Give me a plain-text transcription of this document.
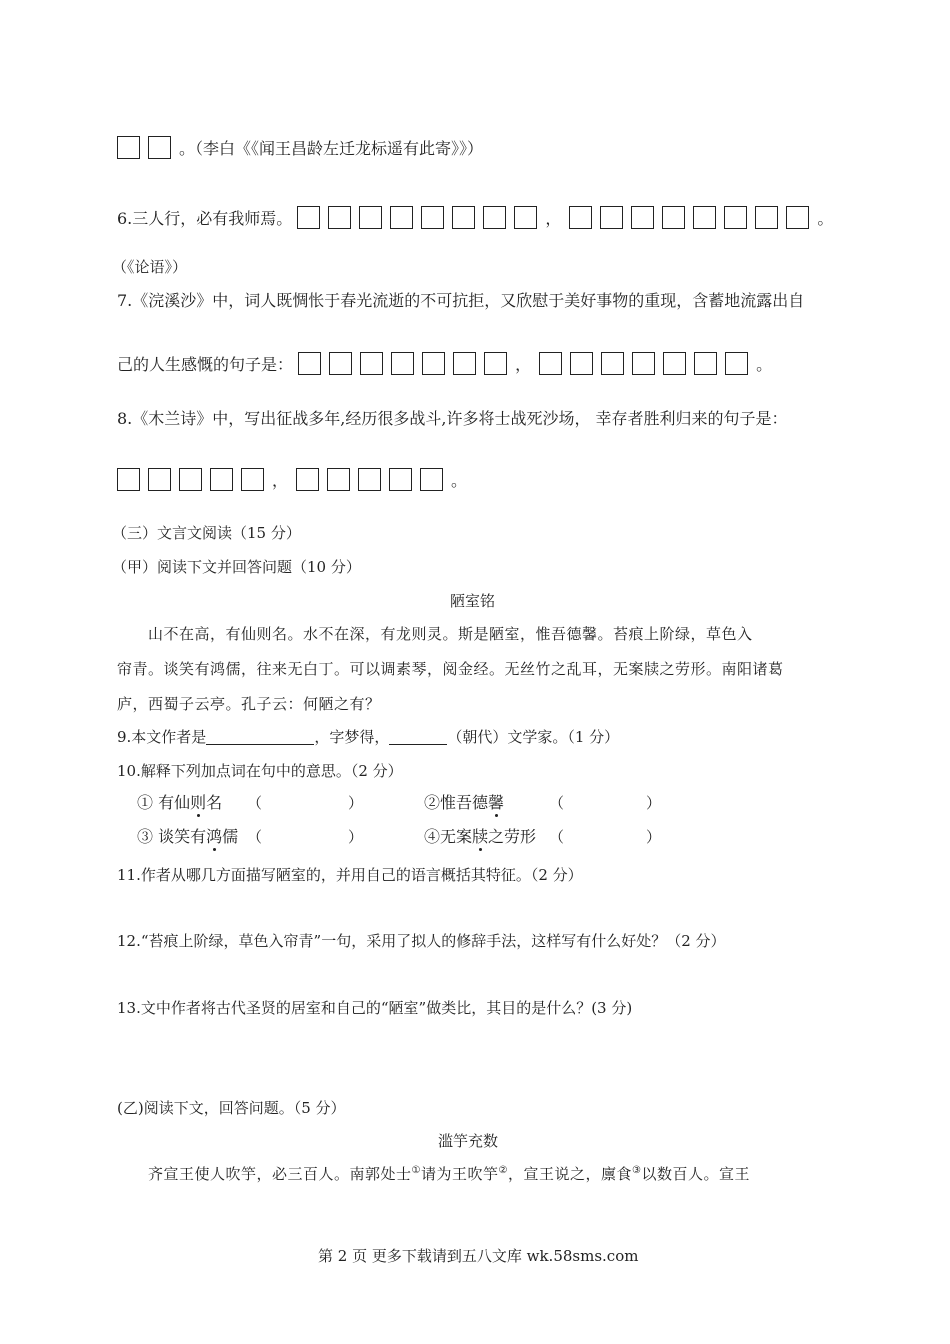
。（李白《《闻王昌龄左迁龙标遥有此寄》》）
6.三人行，必有我师焉。	，	。
（《论语》）
7.《浣溪沙》中，词人既惆怅于春光流逝的不可抗拒，又欣慰于美好事物的重现，含蓄地流露出自
己的人生感慨的句子是：	，	。
8.《木兰诗》中，写出征战多年,经历很多战斗,许多将士战死沙场， 幸存者胜利归来的句子是：
，	。
（三）文言文阅读（15 分）
（甲）阅读下文并回答问题（10 分）
陋室铭
山不在高，有仙则名。水不在深，有龙则灵。斯是陋室，惟吾德馨。苔痕上阶绿，草色入
帘青。谈笑有鸿儒，往来无白丁。可以调素琴，阅金经。无丝竹之乱耳，无案牍之劳形。南阳诸葛
庐，西蜀子云亭。孔子云：何陋之有？
9.本文作者是	，字梦得，	（朝代）文学家。（1 分）
10.解释下列加点词在句中的意思。（2 分）
① 有仙则名 （	）	②惟吾德馨	（	）
③ 谈笑有鸿儒 （	）	④无案牍之劳形 （	）
11.作者从哪几方面描写陋室的，并用自己的语言概括其特征。（2 分）
12.“苔痕上阶绿，草色入帘青”一句，采用了拟人的修辞手法，这样写有什么好处？（2 分）
13.文中作者将古代圣贤的居室和自己的“陋室”做类比，其目的是什么？(3 分)
(乙)阅读下文，回答问题。（5 分）
滥竽充数
齐宣王使人吹竽，必三百人。南郭处士①请为王吹竽②，宣王说之，廪食③以数百人。宣王
第 2 页 更多下载请到五八文库 wk.58sms.com
